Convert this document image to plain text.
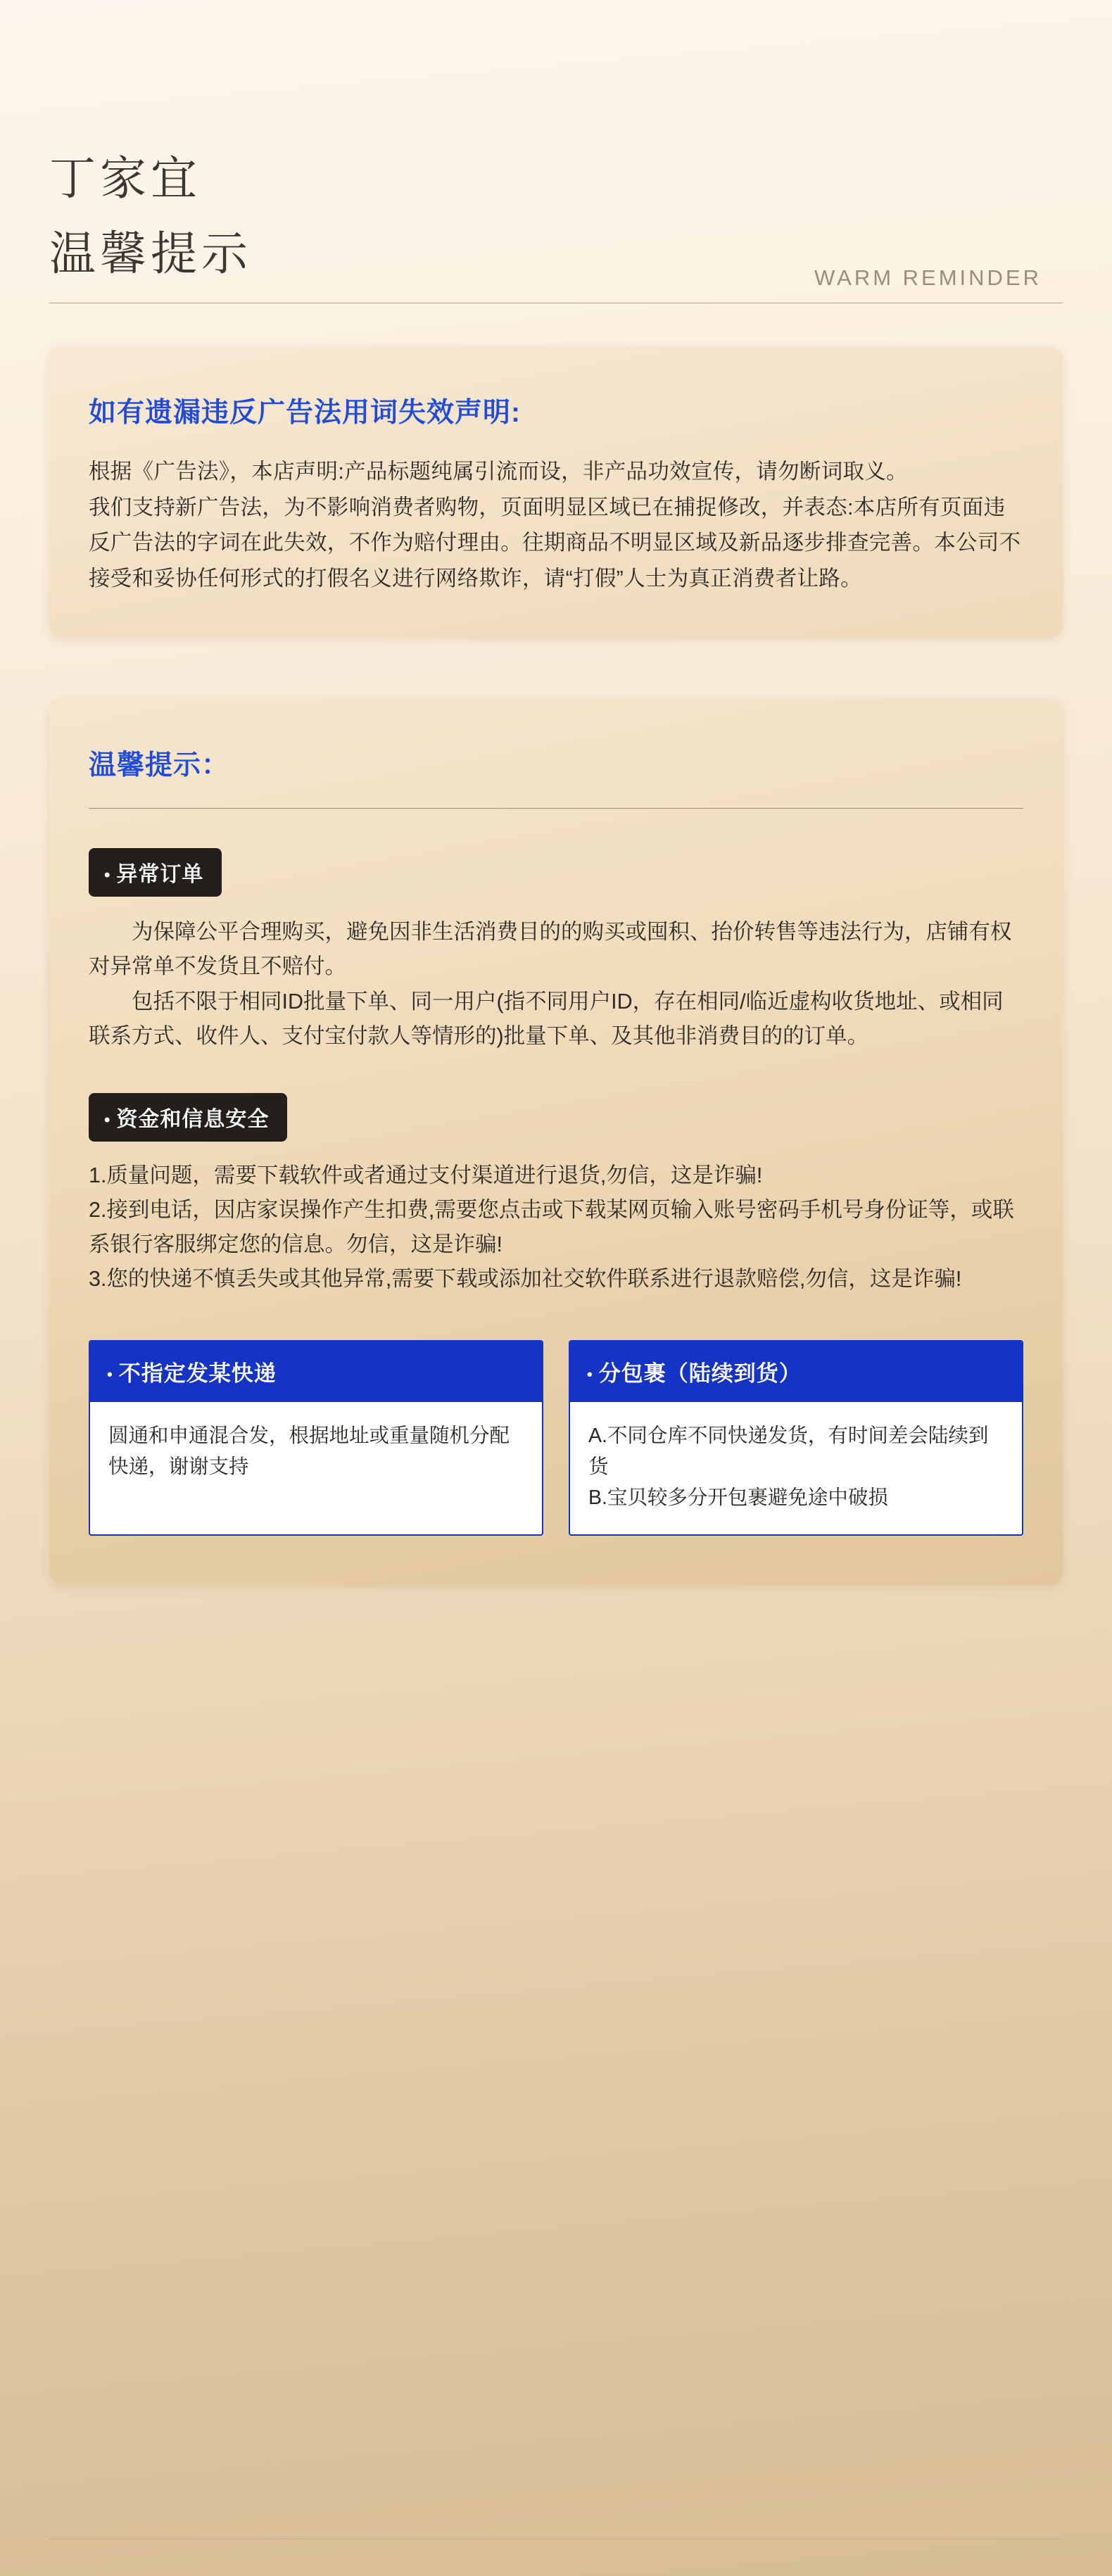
丁家宜
温馨提示	WARM REMINDER
如有遗漏违反广告法用词失效声明:

根据《广告法》，本店声明:产品标题纯属引流而设，非产品功效宣传，请勿断词取义。

我们支持新广告法，为不影响消费者购物，页面明显区域已在捕捉修改，并表态:本店所有页面违反广告法的字词在此失效，不作为赔付理由。往期商品不明显区域及新品逐步排查完善。本公司不接受和妥协任何形式的打假名义进行网络欺诈，请“打假”人士为真正消费者让路。

温馨提示：
• 异常订单

为保障公平合理购买，避免因非生活消费目的的购买或囤积、抬价转售等违法行为，店铺有权对异常单不发货且不赔付。

包括不限于相同ID批量下单、同一用户(指不同用户ID，存在相同/临近虚构收货地址、或相同联系方式、收件人、支付宝付款人等情形的)批量下单、及其他非消费目的的订单。

• 资金和信息安全

1.质量问题，需要下载软件或者通过支付渠道进行退货,勿信，这是诈骗!

2.接到电话，因店家误操作产生扣费,需要您点击或下载某网页输入账号密码手机号身份证等，或联系银行客服绑定您的信息。勿信，这是诈骗!

3.您的快递不慎丢失或其他异常,需要下载或添加社交软件联系进行退款赔偿,勿信，这是诈骗!

• 不指定发某快递

圆通和申通混合发，根据地址或重量随机分配快递，谢谢支持

• 分包裹（陆续到货）

A.不同仓库不同快递发货，有时间差会陆续到货

B.宝贝较多分开包裹避免途中破损
